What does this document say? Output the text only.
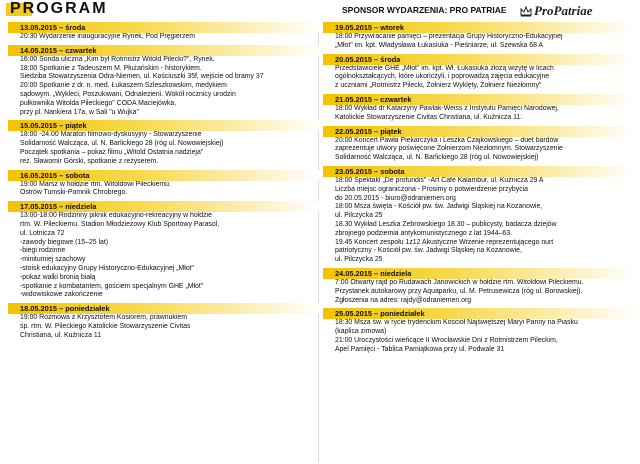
PROGRAM	SPONSOR WYDARZENIA: PRO PATRIAE ProPatriae
13.05.2015 – środa
20:30 Wydarzenie inauguracyjne Rynek, Pod Pręgierzem
14.05.2015 – czwartek
16:00 Sonda uliczna „Kim był Rotmistrz Witold Pilecki?", Rynek.
18:00 Spotkanie z Tadeuszem M. Płużańskim - historykiem.
Siedziba Stowarzyszenia Odra-Niemen, ul. Kościuszki 35f, wejście od bramy 37
20:00 Spotkanie z dr. n. med. Łukaszem Szleszkowskim, medykiem
sądowym. „Wykleci, Poszukiwani, Odnalezieni. Wokół rocznicy urodzin
pułkownika Witolda Pileckiego" CODA Maciejówka,
przy pl. Nankiera 17a, w Sali "u Wujka"
15.05.2015 – piątek
18:00 -24.00 Maraton filmowo-dyskusyjny - Stowarzyszenie
Solidarność Walcząca, ul. N. Barlickiego 28 (róg ul. Nowowiejskiej)
Początek spotkania – pokaz filmu „Witold Ostatnia nadzieja"
reż. Sławomir Górski, spotkanie z reżyserem.
16.05.2015 – sobota
19:00 Marsz w hołdzie rtm. Witoldowi Pileckiemu.
Ostrów Tumski-Pomnik Chrobrego.
17.05.2015 – niedziela
13:00-18:00 Rodzinny piknik edukacyjno-rekreacyjny w hołdzie
rtm. W. Pileckiemu. Stadion Młodzieżowy Klub Sportowy Parasol,
ul. Lotnicza 72
-zawody biegowe (15–25 lat)
-biegi rodzinne
-minitumiej szachowy
-stoisk edukacyjny Grupy Historyczno-Edukacyjnej „Młot"
-pokaz walki bronią białą
-spotkanie z kombatantem, gościem specjalnym GHE „Młot"
-widowiskowe zakończenie
18.05.2015 – poniedziałek
19:00 Rozmowa z Krzysztofem Kosiorem, prawnukiem
śp. rtm. W. Pileckiego Katolickie Stowarzyszenie Civitas
Christiana, ul. Kuźnicza 11
19.05.2015 – wtorek
18:00 Przywracanie pamięci – prezentacja Grupy Historyczno-Edukacyjnej
„Młot" im. kpt. Władysława Łukasiuka - Pieśniarze, ul. Szewska 68 A
20.05.2015 – środa
Przedstawiciele GHE „Młot" im. kpt. Wł. Łukasiuka złożą wizytę w licach
ogólnokształcących, które ukończyli, i poprowadzą zajęcia edukacyjne
z uczniami „Rotmistrz Pilecki, Żołnierz Wyklęty, Żołnierz Niezłomny"
21.05.2015 – czwartek
18:00 Wykład dr Katarzyny Pawlak-Weiss z Instytutu Pamięci Narodowej,
Katolickie Stowarzyszenie Civitas Christiana, ul. Kuźnicza 11.
22.05.2015 – piątek
20:00 Koncert Pawła Piekarczyka i Leszka Czajkowskiego – duet bardów
zaprezentuje utwory poświęcone Żołnierzom Niezłomnym. Stowarzyszenie
Solidarność Walcząca, ul. N. Barlickiego 28 (róg ul. Nowowiejskiej)
23.05.2015 – sobota
18:00 Spektakl „De profundis" -Art Café Kalambur, ul. Kuźnicza 29 A
Liczba miejsc ograniczona - Prosimy o potwierdzenie przybycia
do 20.05.2015 - biuro@odraniemen.org
18:00 Msza święta - Kościół pw. św. Jadwigi Śląskiej na Kozanowie,
ul. Pilczycka 25
18.30 Wykład Leszka Żebrowskiego 18.30 – publicysty, badacza dziejów
zbrojnego podziemia antykomunistycznego z lat 1944–63.
19.45 Koncert zespołu 1z12 Akustyczne Wrzenie reprezentującego nurt
patriotyczny - Kościół pw. św. Jadwigi Śląskiej na Kozanowie,
ul. Pilczycka 25
24.05.2015 – niedziela
7:00 Otwarty rajd po Rudawach Janowickich w hołdzie rtm. Witoldowi Pileckiemu.
Przystanek autokarowy przy Aquaparku, ul. M. Petrusewicza (róg ul. Borowskiej).
Zgłoszenia na adres: rajdy@odraniemen.org
25.05.2015 – poniedziałek
18:30 Msza św. w rycie trydenckim Kościół Najświętszej Maryi Panny na Piasku
(kaplica zimowa)
21:00 Uroczystości wieńcące II Wrocławskie Dni z Rotmistrzem Pileckim,
Apel Pamięci - Tablica Pamiątkowa przy ul. Podwale 31
